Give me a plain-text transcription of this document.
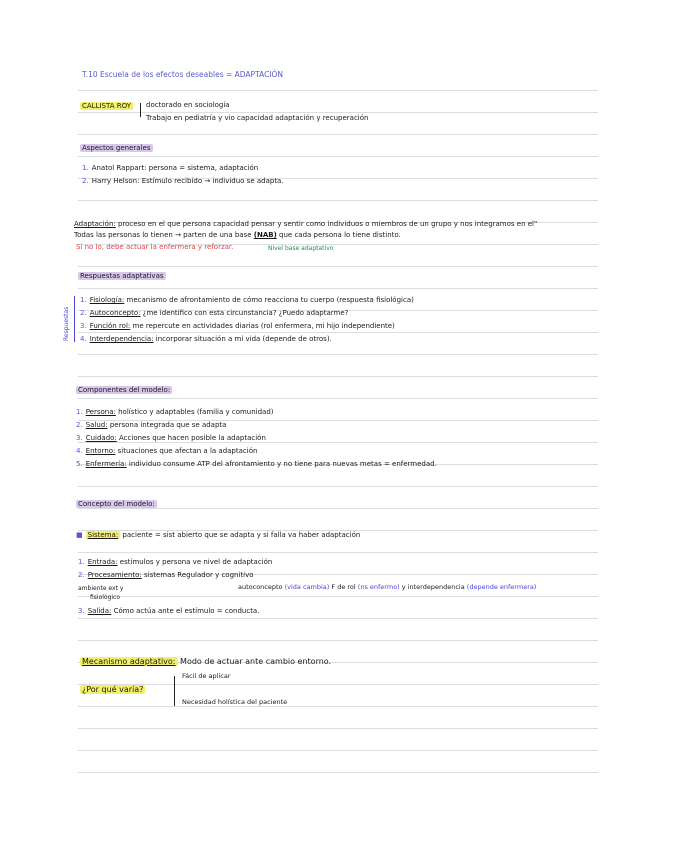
T.10 Escuela de los efectos deseables = ADAPTACIÓN
CALLISTA ROY doctorado en sociología
Trabajo en pediatría y vio capacidad adaptación y recuperación
Aspectos generales
1. Anatol Rappart: persona = sistema, adaptación
2. Harry Helson: Estímulo recibido → individuo se adapta.
Adaptación: proceso en el que persona capacidad pensar y sentir como individuos o miembros de un grupo y nos integramos en el"
Todas las personas lo tienen → parten de una base (NAB) que cada persona lo tiene distinto.
Si no lo, debe actuar la enfermera y reforzar.	Nivel base adaptativo
Respuestas adaptativas
Respuestas
1. Fisiología: mecanismo de afrontamiento de cómo reacciona tu cuerpo (respuesta fisiológica)
2. Autoconcepto: ¿me identifico con esta circunstancia? ¿Puedo adaptarme?
3. Función rol: me repercute en actividades diarias (rol enfermera, mi hijo independiente)
4. Interdependencia: incorporar situación a mi vida (depende de otros).
Componentes del modelo:
1. Persona: holístico y adaptables (familia y comunidad)
2. Salud: persona integrada que se adapta
3. Cuidado: Acciones que hacen posible la adaptación
4. Entorno: situaciones que afectan a la adaptación
5. Enfermería: individuo consume ATP del afrontamiento y no tiene para nuevas metas = enfermedad.
Concepto del modelo:
■ Sistema: paciente = sist abierto que se adapta y si falla va haber adaptación
1. Entrada: estímulos y persona ve nivel de adaptación
2. Procesamiento: sistemas Regulador y cognitivo
ambiente ext y
fisiológico
autoconcepto (vida cambia) F de rol (ns enfermo) y interdependencia (depende enfermera)
3. Salida: Cómo actúa ante el estímulo = conducta.
Mecanismo adaptativo: Modo de actuar ante cambio entorno.
¿Por qué varía?
Fácil de aplicar
Necesidad holística del paciente
